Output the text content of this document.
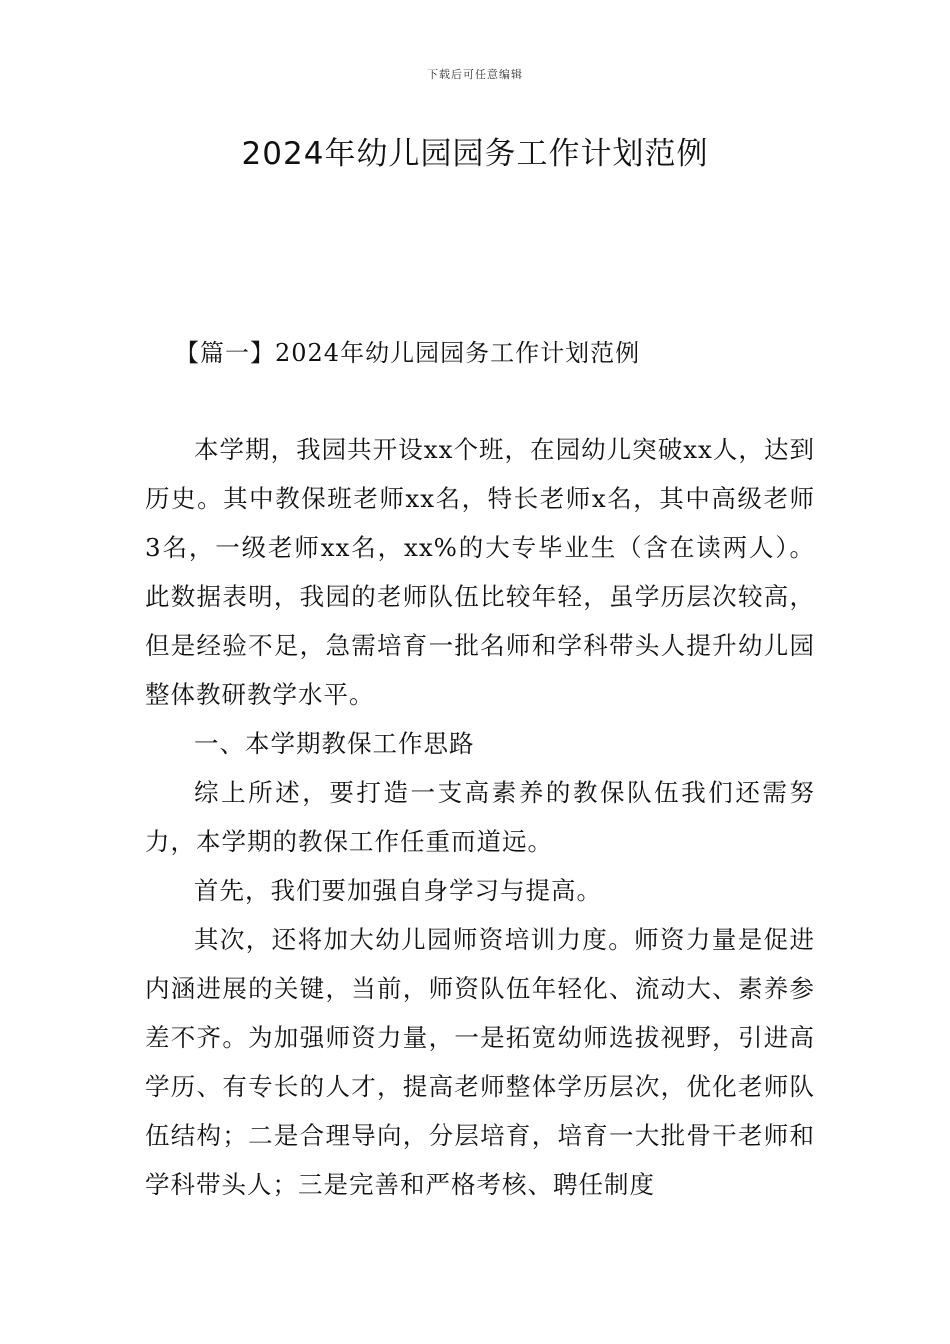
下载后可任意编辑
2024年幼儿园园务工作计划范例
【篇一】2024年幼儿园园务工作计划范例

本学期，我园共开设xx个班，在园幼儿突破xx人，达到历史。其中教保班老师xx名，特长老师x名，其中高级老师3名，一级老师xx名，xx%的大专毕业生（含在读两人）。此数据表明，我园的老师队伍比较年轻，虽学历层次较高，但是经验不足，急需培育一批名师和学科带头人提升幼儿园整体教研教学水平。

一、本学期教保工作思路

综上所述，要打造一支高素养的教保队伍我们还需努力，本学期的教保工作任重而道远。

首先，我们要加强自身学习与提高。

其次，还将加大幼儿园师资培训力度。师资力量是促进内涵进展的关键，当前，师资队伍年轻化、流动大、素养参差不齐。为加强师资力量，一是拓宽幼师选拔视野，引进高学历、有专长的人才，提高老师整体学历层次，优化老师队伍结构；二是合理导向，分层培育，培育一大批骨干老师和学科带头人；三是完善和严格考核、聘任制度
